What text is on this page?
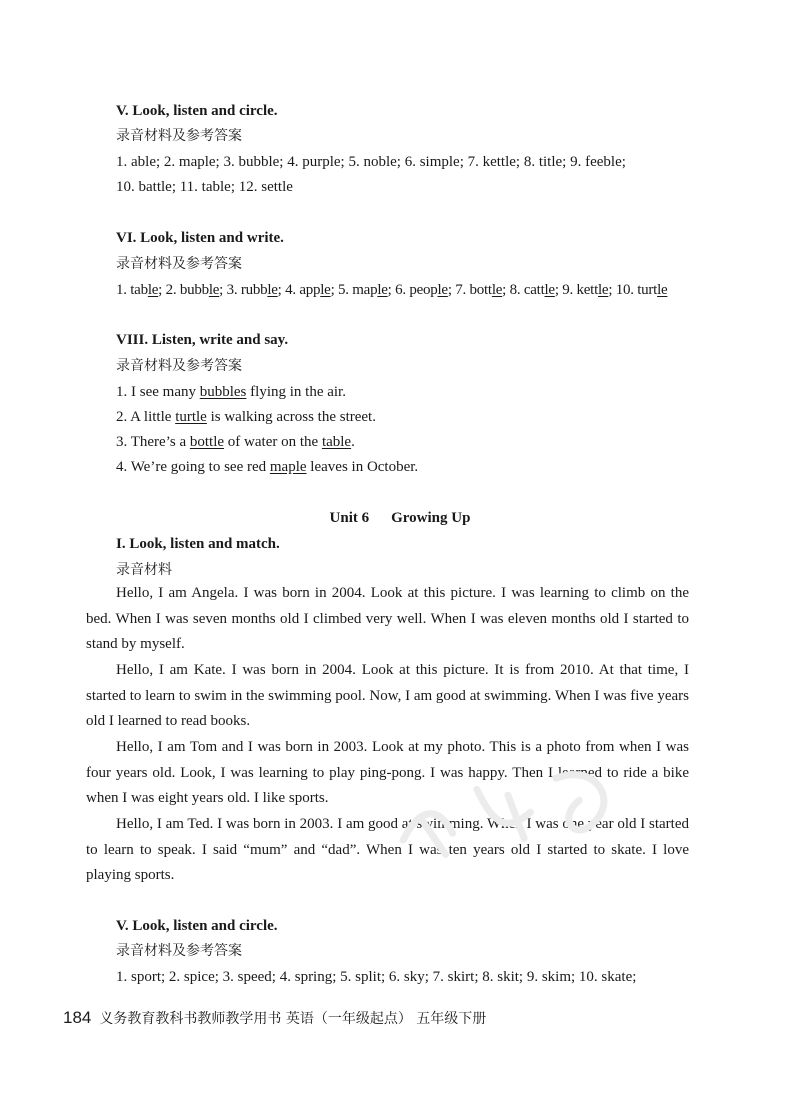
V. Look, listen and circle.
录音材料及参考答案
1. able; 2. maple; 3. bubble; 4. purple; 5. noble; 6. simple; 7. kettle; 8. title; 9. feeble;
10. battle; 11. table; 12. settle
VI. Look, listen and write.
录音材料及参考答案
1. table; 2. bubble; 3. rubble; 4. apple; 5. maple; 6. people; 7. bottle; 8. cattle; 9. kettle; 10. turtle
VIII. Listen, write and say.
录音材料及参考答案
1. I see many bubbles flying in the air.
2. A little turtle is walking across the street.
3. There’s a bottle of water on the table.
4. We’re going to see red maple leaves in October.
Unit 6 Growing Up
I. Look, listen and match.
录音材料
Hello, I am Angela. I was born in 2004. Look at this picture. I was learning to climb on the bed. When I was seven months old I climbed very well. When I was eleven months old I started to stand by myself.
Hello, I am Kate. I was born in 2004. Look at this picture. It is from 2010. At that time, I started to learn to swim in the swimming pool. Now, I am good at swimming. When I was five years old I learned to read books.
Hello, I am Tom and I was born in 2003. Look at my photo. This is a photo from when I was four years old. Look, I was learning to play ping-pong. I was happy. Then I learned to ride a bike when I was eight years old. I like sports.
Hello, I am Ted. I was born in 2003. I am good at swimming. When I was one year old I started to learn to speak. I said “mum” and “dad”. When I was ten years old I started to skate. I love playing sports.
V. Look, listen and circle.
录音材料及参考答案
1. sport; 2. spice; 3. speed; 4. spring; 5. split; 6. sky; 7. skirt; 8. skit; 9. skim; 10. skate;
184 义务教育教科书教师教学用书 英语（一年级起点） 五年级下册
